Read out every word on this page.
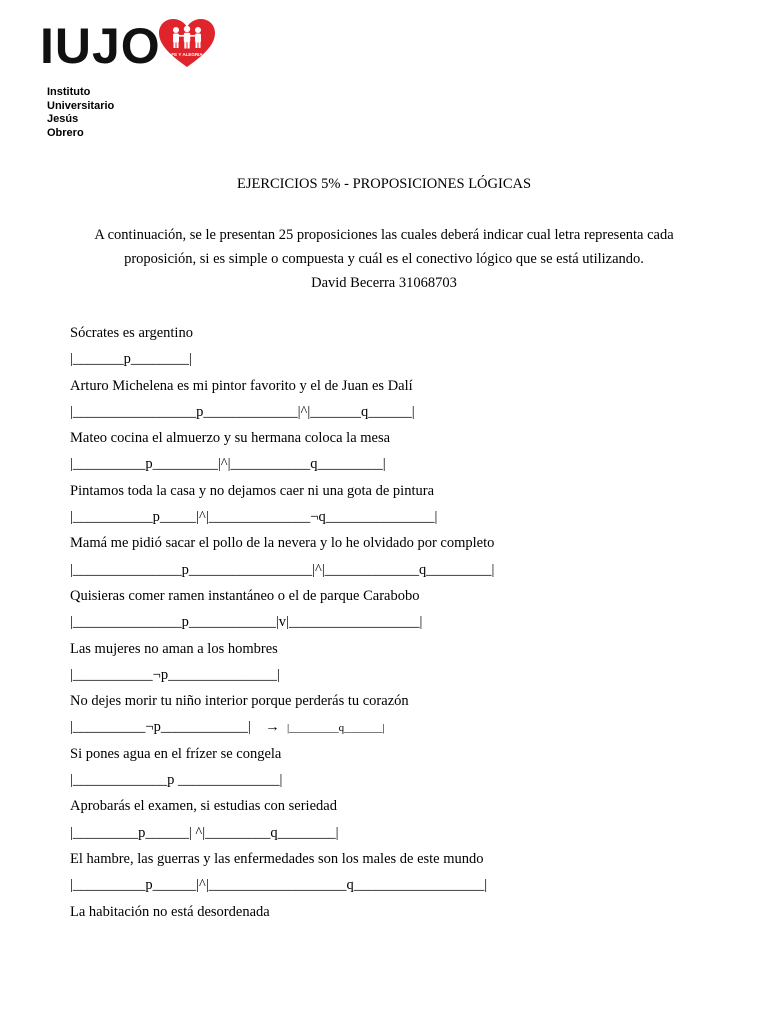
IUJO FE Y ALEGRIA
Instituto
Universitario
Jesús
Obrero
EJERCICIOS 5% - PROPOSICIONES LÓGICAS
A continuación, se le presentan 25 proposiciones las cuales deberá indicar cual letra representa cada proposición, si es simple o compuesta y cuál es el conectivo lógico que se está utilizando.
David Becerra 31068703
Sócrates es argentino
|_______p________|
Arturo Michelena es mi pintor favorito y el de Juan es Dalí
|_________________p_____________|^|_______q______|
Mateo cocina el almuerzo y su hermana coloca la mesa
|__________p_________|^|___________q_________|
Pintamos toda la casa y no dejamos caer ni una gota de pintura
|___________p_____|^|______________¬q_______________|
Mamá me pidió sacar el pollo de la nevera y lo he olvidado por completo
|_______________p_________________|^|_____________q_________|
Quisieras comer ramen instantáneo o el de parque Carabobo
|_______________p____________|v|__________________|
Las mujeres no aman a los hombres
|___________¬p_______________|
No dejes morir tu niño interior porque perderás tu corazón
|__________¬p____________|    →  |_________q_______|
Si pones agua en el frízer se congela
|_____________p ______________|
Aprobarás el examen, si estudias con seriedad
|_________p______| ^|_________q________|
El hambre, las guerras y las enfermedades son los males de este mundo
|__________p______|^|___________________q__________________|
La habitación no está desordenada
